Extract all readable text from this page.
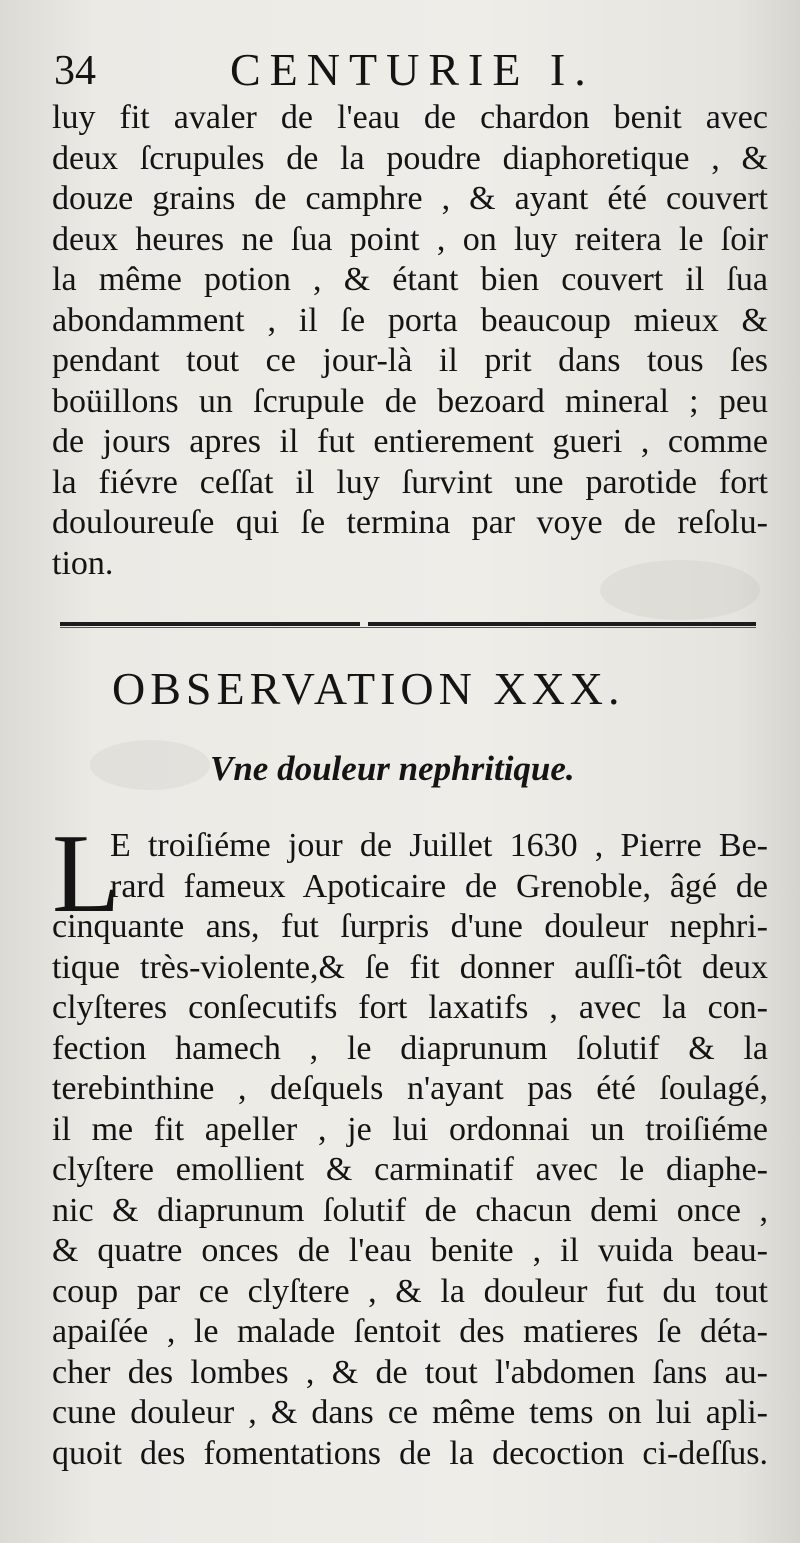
34	CENTURIE I.
luy fit avaler de l'eau de chardon benit avec
deux ſcrupules de la poudre diaphoretique , &
douze grains de camphre , & ayant été couvert
deux heures ne ſua point , on luy reitera le ſoir
la même potion , & étant bien couvert il ſua
abondamment , il ſe porta beaucoup mieux &
pendant tout ce jour-là il prit dans tous ſes
boüillons un ſcrupule de bezoard mineral ; peu
de jours apres il fut entierement gueri , comme
la fiévre ceſſat il luy ſurvint une parotide fort
douloureuſe qui ſe termina par voye de reſolu-
tion.
OBSERVATION XXX.
Vne douleur nephritique.
L
E troiſiéme jour de Juillet 1630 , Pierre Be-
rard fameux Apoticaire de Grenoble, âgé de
cinquante ans, fut ſurpris d'une douleur nephri-
tique très-violente,& ſe fit donner auſſi-tôt deux
clyſteres conſecutifs fort laxatifs , avec la con-
fection hamech , le diaprunum ſolutif & la
terebinthine , deſquels n'ayant pas été ſoulagé,
il me fit apeller , je lui ordonnai un troiſiéme
clyſtere emollient & carminatif avec le diaphe-
nic & diaprunum ſolutif de chacun demi once ,
& quatre onces de l'eau benite , il vuida beau-
coup par ce clyſtere , & la douleur fut du tout
apaiſée , le malade ſentoit des matieres ſe déta-
cher des lombes , & de tout l'abdomen ſans au-
cune douleur , & dans ce même tems on lui apli-
quoit des fomentations de la decoction ci-deſſus.
